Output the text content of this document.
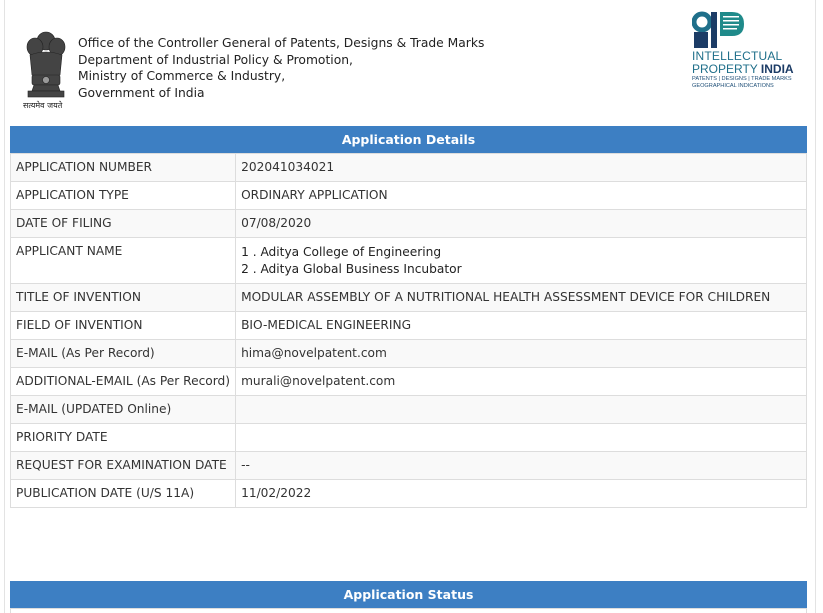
सत्यमेव जयते
Office of the Controller General of Patents, Designs & Trade Marks
Department of Industrial Policy & Promotion,
Ministry of Commerce & Industry,
Government of India
INTELLECTUAL
PROPERTY INDIA
PATENTS | DESIGNS | TRADE MARKS
GEOGRAPHICAL INDICATIONS
Application Details
APPLICATION NUMBER	202041034021
APPLICATION TYPE	ORDINARY APPLICATION
DATE OF FILING	07/08/2020
APPLICANT NAME	1 . Aditya College of Engineering
2 . Aditya Global Business Incubator

TITLE OF INVENTION	MODULAR ASSEMBLY OF A NUTRITIONAL HEALTH ASSESSMENT DEVICE FOR CHILDREN
FIELD OF INVENTION	BIO-MEDICAL ENGINEERING
E-MAIL (As Per Record)	hima@novelpatent.com
ADDITIONAL-EMAIL (As Per Record)	murali@novelpatent.com
E-MAIL (UPDATED Online)	
PRIORITY DATE	
REQUEST FOR EXAMINATION DATE	--
PUBLICATION DATE (U/S 11A)	11/02/2022
Application Status
